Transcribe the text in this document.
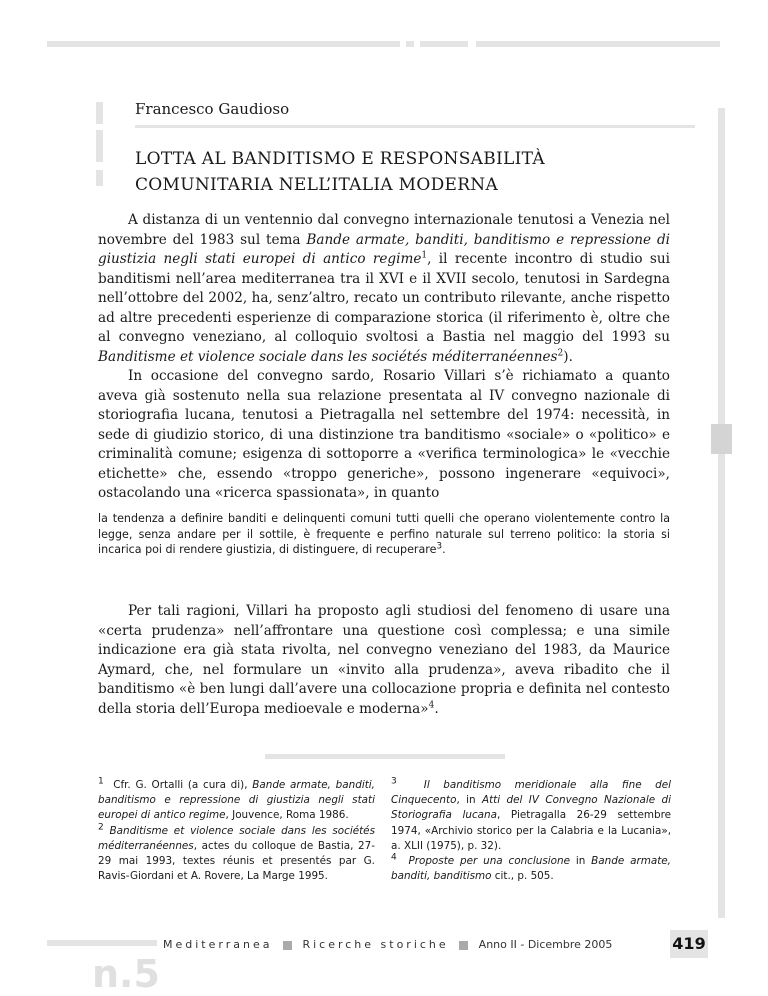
Francesco Gaudioso
LOTTA AL BANDITISMO E RESPONSABILITÀ
COMUNITARIA NELL’ITALIA MODERNA

A distanza di un ventennio dal convegno internazionale tenutosi a Venezia nel novembre del 1983 sul tema Bande armate, banditi, banditismo e repressione di giustizia negli stati europei di antico regime$^1$, il recente incontro di studio sui banditismi nell’area mediterranea tra il XVI e il XVII secolo, tenutosi in Sardegna nell’ottobre del 2002, ha, senz’altro, recato un contributo rilevante, anche rispetto ad altre precedenti esperienze di comparazione storica (il riferimento è, oltre che al convegno veneziano, al colloquio svoltosi a Bastia nel maggio del 1993 su Banditisme et violence sociale dans les sociétés méditerranéennes$^2$).

In occasione del convegno sardo, Rosario Villari s’è richiamato a quanto aveva già sostenuto nella sua relazione presentata al IV convegno nazionale di storiografia lucana, tenutosi a Pietragalla nel settembre del 1974: necessità, in sede di giudizio storico, di una distinzione tra banditismo «sociale» o «politico» e criminalità comune; esigenza di sottoporre a «verifica terminologica» le «vecchie etichette» che, essendo «troppo generiche», possono ingenerare «equivoci», ostacolando una «ricerca spassionata», in quanto

la tendenza a definire banditi e delinquenti comuni tutti quelli che operano violentemente contro la legge, senza andare per il sottile, è frequente e perfino naturale sul terreno politico: la storia si incarica poi di rendere giustizia, di distinguere, di recuperare$^3$.

Per tali ragioni, Villari ha proposto agli studiosi del fenomeno di usare una «certa prudenza» nell’affrontare una questione così complessa; e una simile indicazione era già stata rivolta, nel convegno veneziano del 1983, da Maurice Aymard, che, nel formulare un «invito alla prudenza», aveva ribadito che il banditismo «è ben lungi dall’avere una collocazione propria e definita nel contesto della storia dell’Europa medioevale e moderna»$^4$.

$^1$ Cfr. G. Ortalli (a cura di), Bande armate, banditi, banditismo e repressione di giustizia negli stati europei di antico regime, Jouvence, Roma 1986.

$^2$ Banditisme et violence sociale dans les sociétés méditerranéennes, actes du colloque de Bastia, 27-29 mai 1993, textes réunis et presentés par G. Ravis-Giordani et A. Rovere, La Marge 1995.

$^3$	Il banditismo meridionale alla fine del Cinquecento, in Atti del IV Convegno Nazionale di Storiografia lucana, Pietragalla 26-29 settembre 1974, «Archivio storico per la Calabria e la Lucania», a. XLII (1975), p. 32).

$^4$ Proposte per una conclusione in Bande armate, banditi, banditismo cit., p. 505.

Mediterranea	Ricerche storiche	Anno II - Dicembre 2005	419
n.5
